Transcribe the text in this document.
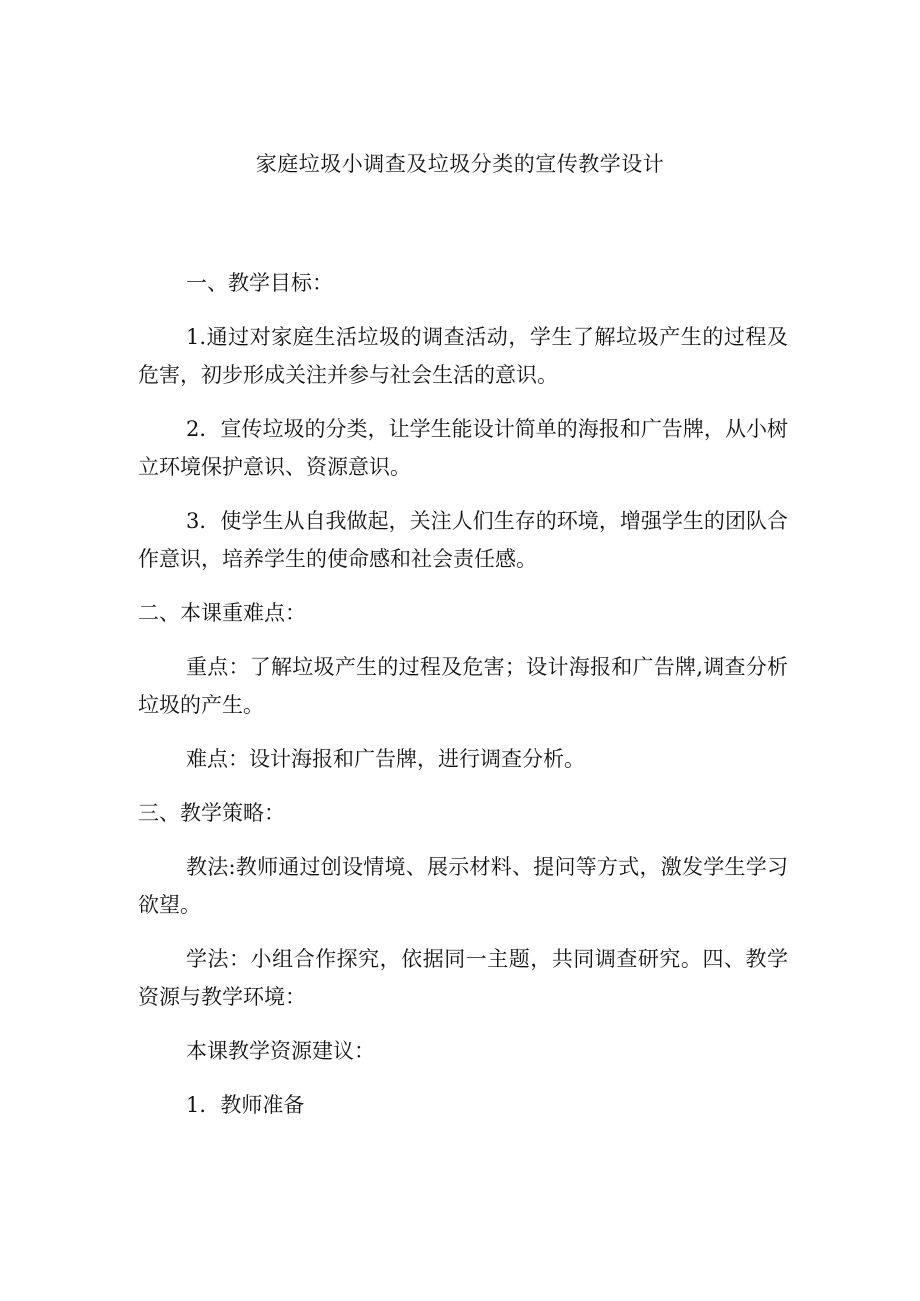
家庭垃圾小调查及垃圾分类的宣传教学设计

一、教学目标：

1.通过对家庭生活垃圾的调查活动，学生了解垃圾产生的过程及危害，初步形成关注并参与社会生活的意识。

2．宣传垃圾的分类，让学生能设计简单的海报和广告牌，从小树立环境保护意识、资源意识。

3．使学生从自我做起，关注人们生存的环境，增强学生的团队合作意识，培养学生的使命感和社会责任感。

二、本课重难点：

重点：了解垃圾产生的过程及危害；设计海报和广告牌,调查分析垃圾的产生。

难点：设计海报和广告牌，进行调查分析。

三、教学策略：

教法:教师通过创设情境、展示材料、提问等方式，激发学生学习欲望。

学法：小组合作探究，依据同一主题，共同调查研究。四、教学资源与教学环境：

本课教学资源建议：

1．教师准备
